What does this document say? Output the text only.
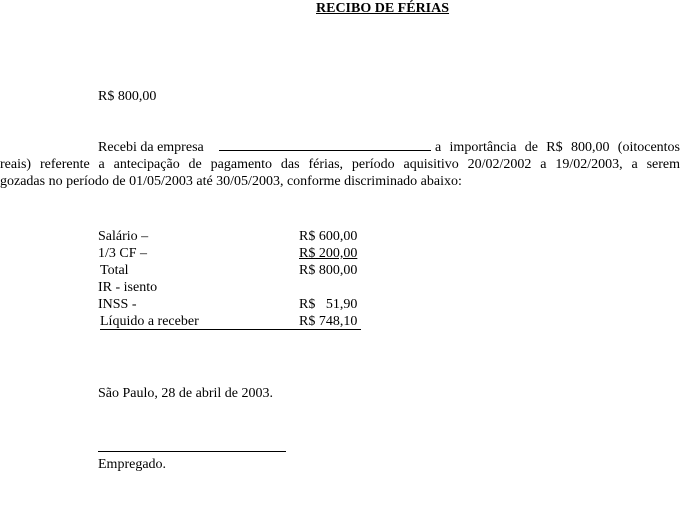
RECIBO DE FÉRIAS
R$ 800,00
Recebi da empresa	a importância de R$ 800,00 (oitocentos
reais) referente a antecipação de pagamento das férias, período aquisitivo 20/02/2002 a 19/02/2003, a serem
gozadas no período de 01/05/2003 até 30/05/2003, conforme discriminado abaixo:
Salário –	R$ 600,00
1/3 CF –	R$ 200,00
Total	R$ 800,00
IR - isento
INSS -	R$   51,90
Líquido a receber	R$ 748,10
São Paulo, 28 de abril de 2003.
Empregado.
